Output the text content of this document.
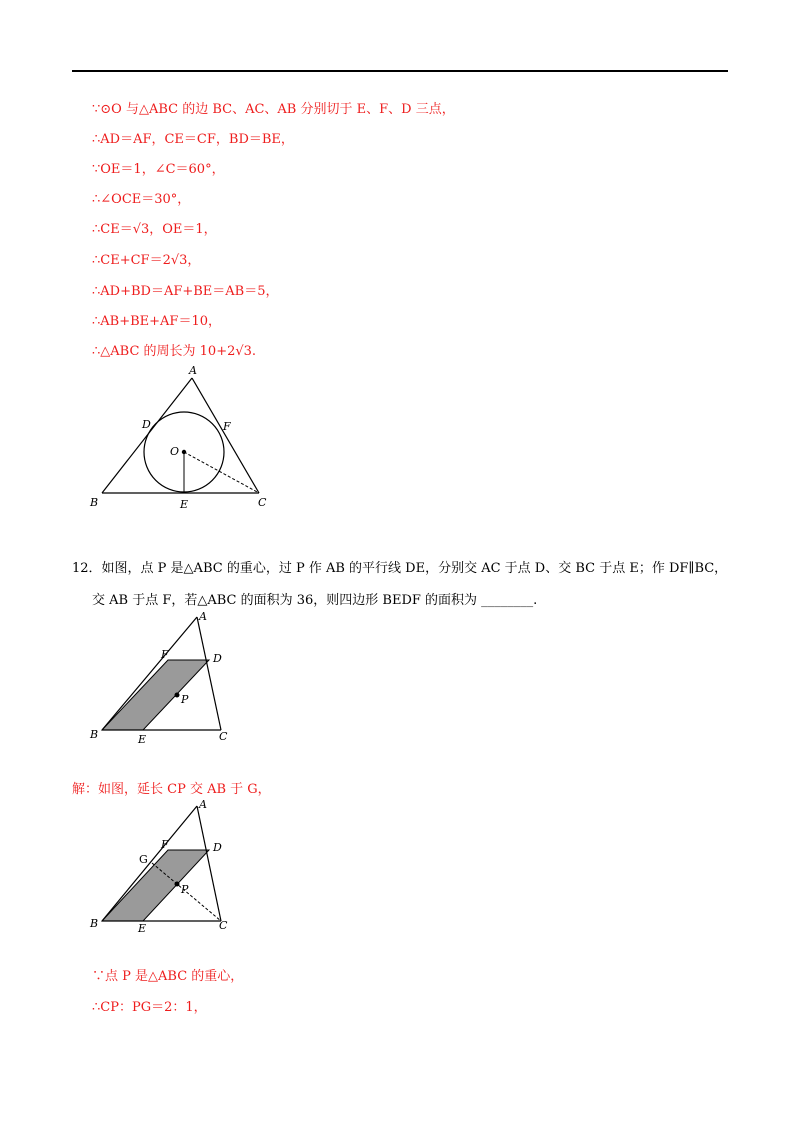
∵⊙O 与△ABC 的边 BC、AC、AB 分别切于 E、F、D 三点，
∴AD＝AF，CE＝CF，BD＝BE，
∵OE＝1，∠C＝60°，
∴∠OCE＝30°，
∴CE＝√3，OE＝1，
∴CE+CF＝2√3，
∴AD+BD＝AF+BE＝AB＝5，
∴AB+BE+AF＝10，
∴△ABC 的周长为 10+2√3.
A
B	C
D
E
F
O
12．如图，点 P 是△ABC 的重心，过 P 作 AB 的平行线 DE，分别交 AC 于点 D、交 BC 于点 E；作 DF∥BC，
交 AB 于点 F，若△ABC 的面积为 36，则四边形 BEDF 的面积为 ________.
A
B	C
D
E
F
P
解：如图，延长 CP 交 AB 于 G，
A
B	C
D
E
F
G
P
∵点 P 是△ABC 的重心，
∴CP：PG＝2：1，
